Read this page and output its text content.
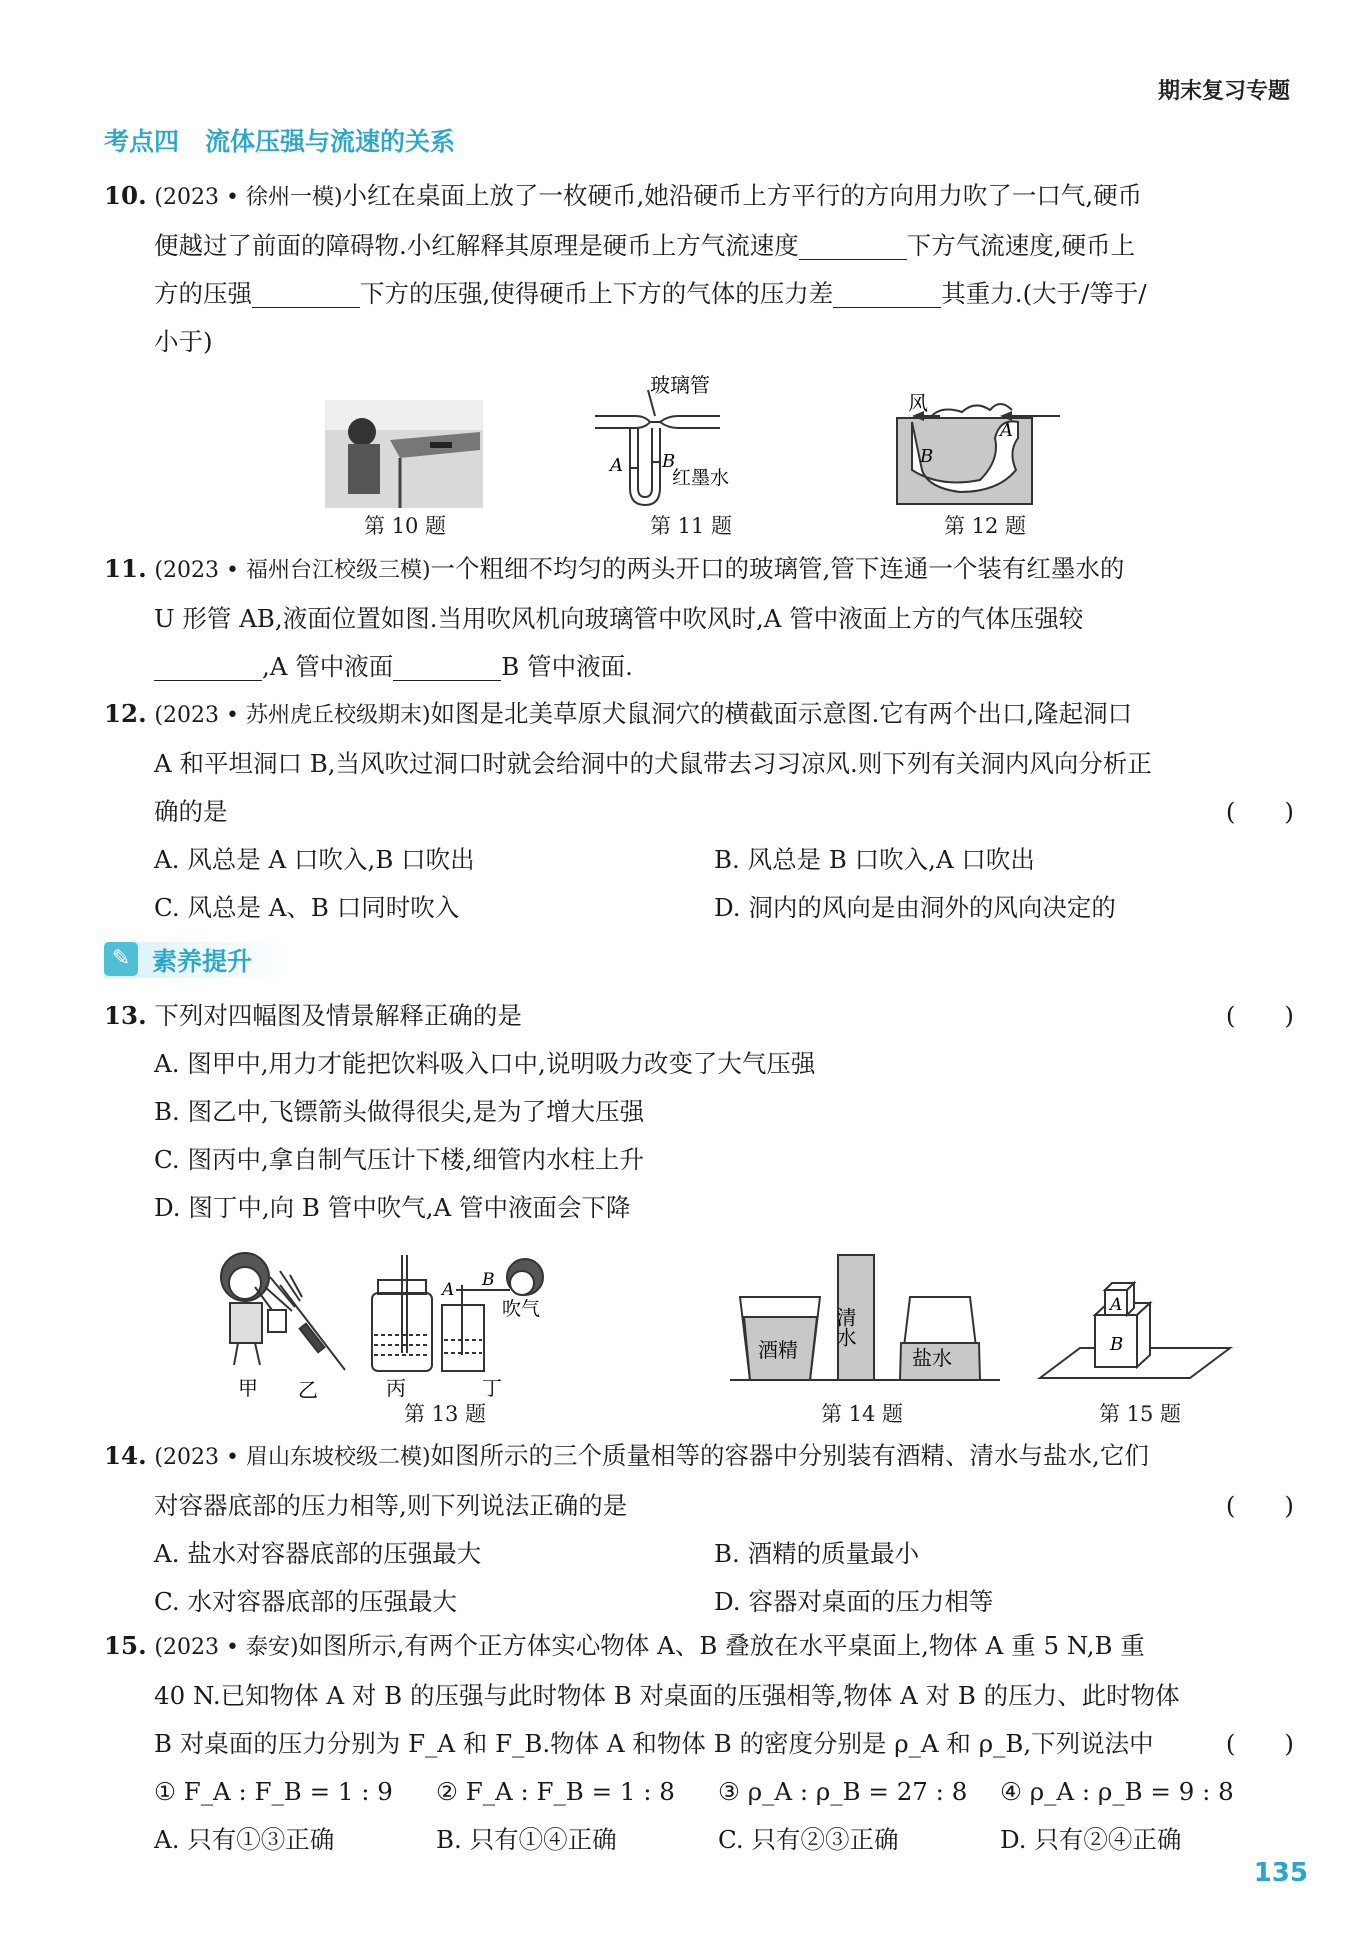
期末复习专题
考点四 流体压强与流速的关系

10. (2023 • 徐州一模)小红在桌面上放了一枚硬币,她沿硬币上方平行的方向用力吹了一口气,硬币

便越过了前面的障碍物.小红解释其原理是硬币上方气流速度	下方气流速度,硬币上

方的压强	下方的压强,使得硬币上下方的气体的压力差	其重力.(大于/等于/

小于)

玻璃管
A B
红墨水
风
B
A
第 10 题	第 11 题	第 12 题

11. (2023 • 福州台江校级三模)一个粗细不均匀的两头开口的玻璃管,管下连通一个装有红墨水的

U 形管 AB,液面位置如图.当用吹风机向玻璃管中吹风时,A 管中液面上方的气体压强较

,A 管中液面	B 管中液面.

12. (2023 • 苏州虎丘校级期末)如图是北美草原犬鼠洞穴的横截面示意图.它有两个出口,隆起洞口

A 和平坦洞口 B,当风吹过洞口时就会给洞中的犬鼠带去习习凉风.则下列有关洞内风向分析正

确的是	(　　)

A. 风总是 A 口吹入,B 口吹出	B. 风总是 B 口吹入,A 口吹出
C. 风总是 A、B 口同时吹入	D. 洞内的风向是由洞外的风向决定的
✎ 素养提升

13. 下列对四幅图及情景解释正确的是	(　　)

A. 图甲中,用力才能把饮料吸入口中,说明吸力改变了大气压强

B. 图乙中,飞镖箭头做得很尖,是为了增大压强

C. 图丙中,拿自制气压计下楼,细管内水柱上升

D. 图丁中,向 B 管中吹气,A 管中液面会下降

甲 乙	丙
A B
吹气
丁
酒精
清水
盐水
A
B
第 13 题	第 14 题	第 15 题

14. (2023 • 眉山东坡校级二模)如图所示的三个质量相等的容器中分别装有酒精、清水与盐水,它们

对容器底部的压力相等,则下列说法正确的是	(　　)

A. 盐水对容器底部的压强最大	B. 酒精的质量最小
C. 水对容器底部的压强最大	D. 容器对桌面的压力相等

15. (2023 • 泰安)如图所示,有两个正方体实心物体 A、B 叠放在水平桌面上,物体 A 重 5 N,B 重

40 N.已知物体 A 对 B 的压强与此时物体 B 对桌面的压强相等,物体 A 对 B 的压力、此时物体

B 对桌面的压力分别为 F_A 和 F_B.物体 A 和物体 B 的密度分别是 ρ_A 和 ρ_B,下列说法中	(　　)

① F_A : F_B = 1 : 9	② F_A : F_B = 1 : 8	③ ρ_A : ρ_B = 27 : 8	④ ρ_A : ρ_B = 9 : 8
A. 只有①③正确	B. 只有①④正确	C. 只有②③正确	D. 只有②④正确
135
